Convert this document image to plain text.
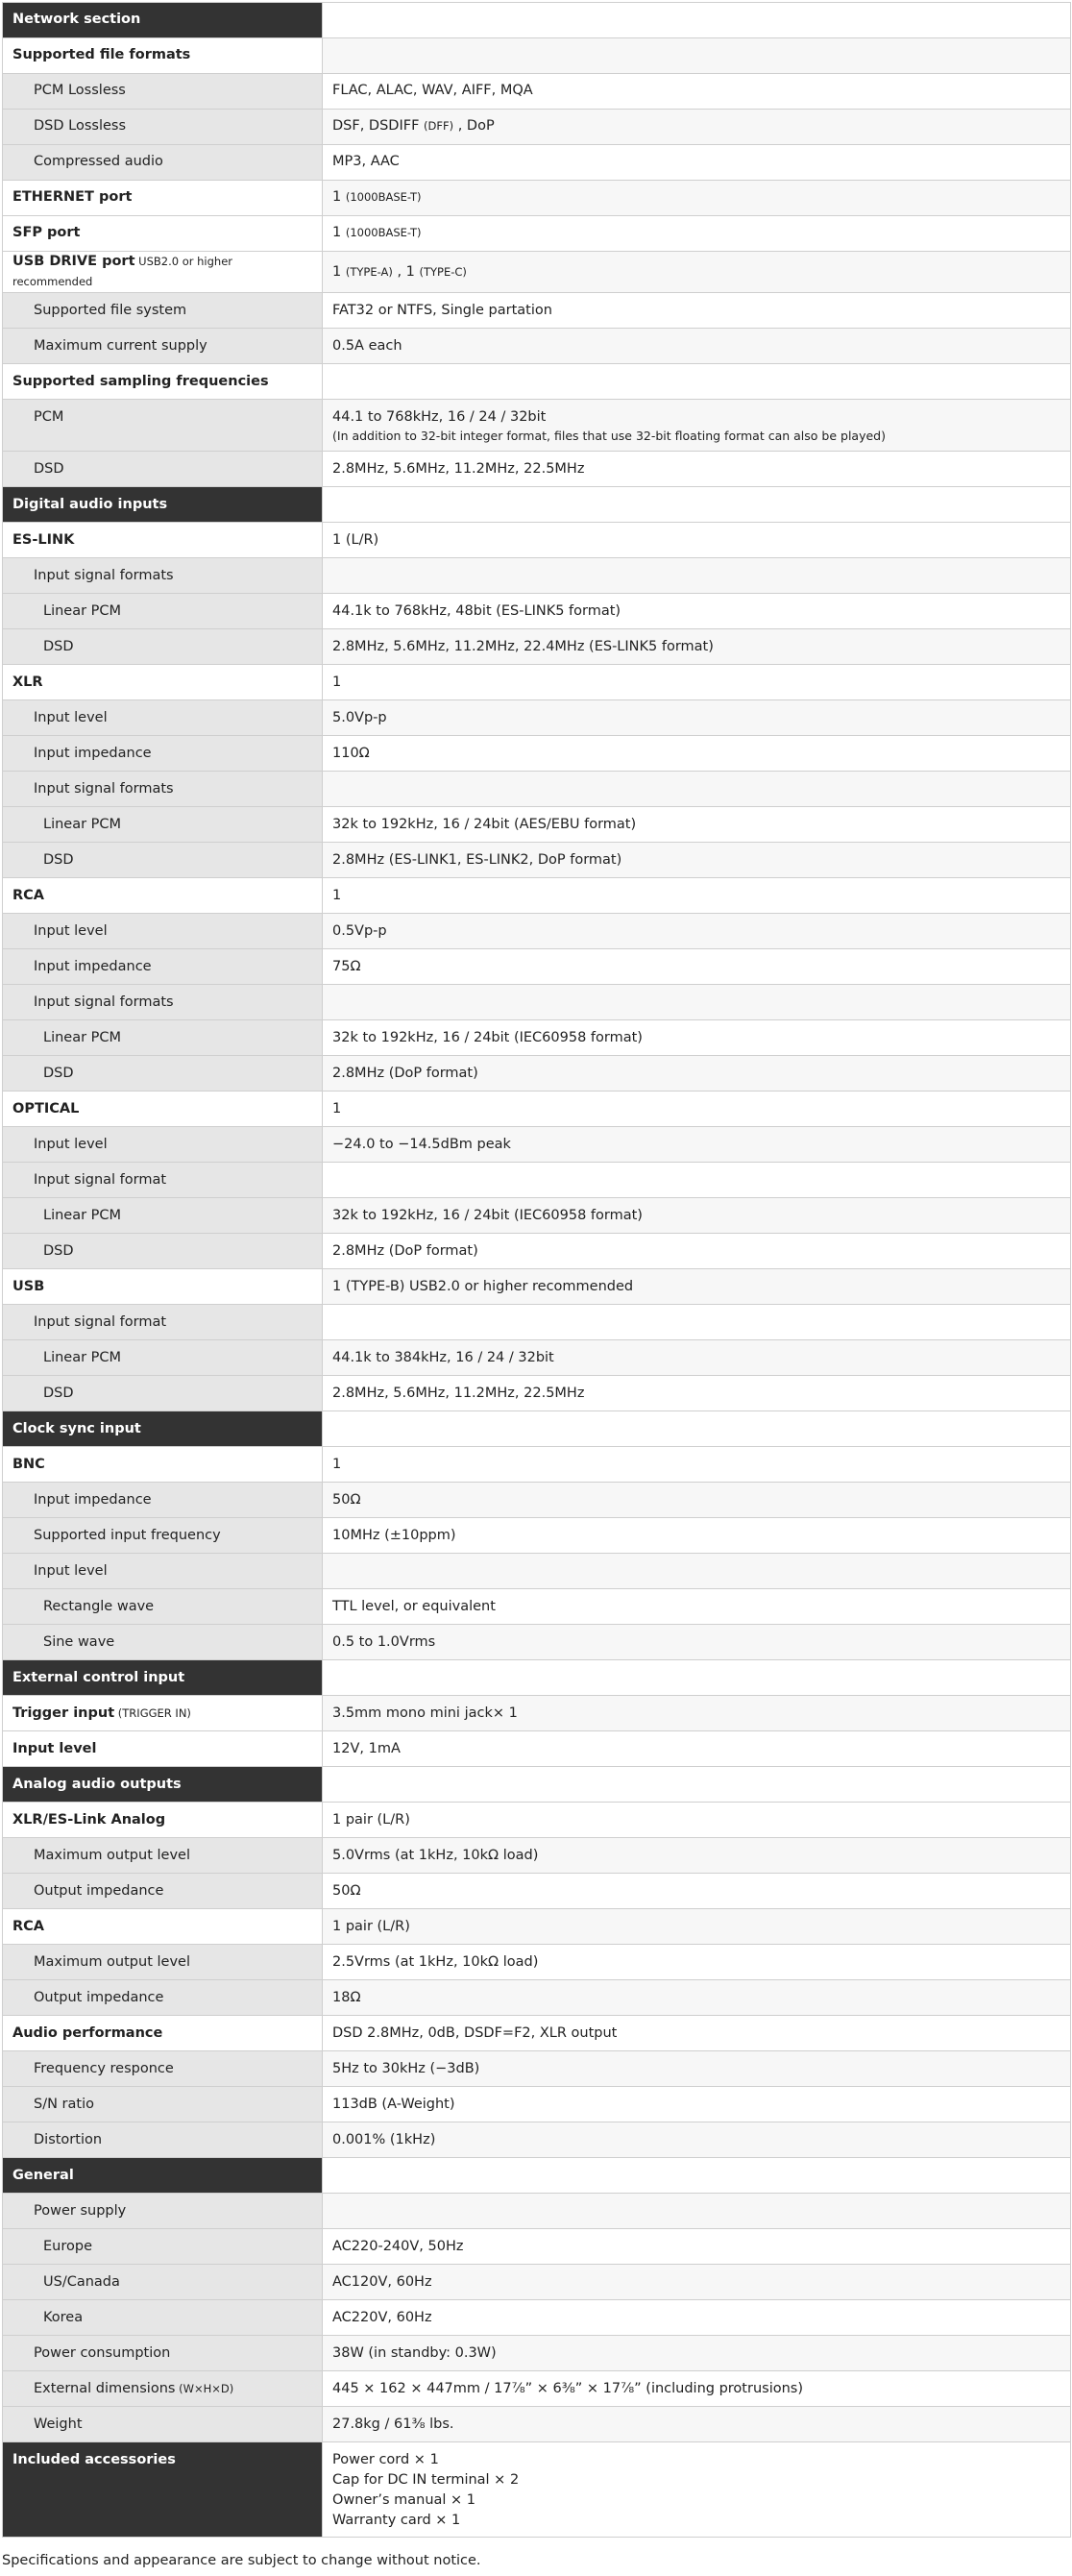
Network section	
Supported file formats	
PCM Lossless	FLAC, ALAC, WAV, AIFF, MQA
DSD Lossless	DSF, DSDIFF (DFF) , DoP
Compressed audio	MP3, AAC
ETHERNET port	1 (1000BASE-T)
SFP port	1 (1000BASE-T)
USB DRIVE port USB2.0 or higher recommended	1 (TYPE-A) , 1 (TYPE-C)
Supported file system	FAT32 or NTFS, Single partation
Maximum current supply	0.5A each
Supported sampling frequencies	
PCM	44.1 to 768kHz, 16 / 24 / 32bit
(In addition to 32-bit integer format, files that use 32-bit floating format can also be played)

DSD	2.8MHz, 5.6MHz, 11.2MHz, 22.5MHz
Digital audio inputs	
ES-LINK	1 (L/R)
Input signal formats	
Linear PCM	44.1k to 768kHz, 48bit (ES-LINK5 format)
DSD	2.8MHz, 5.6MHz, 11.2MHz, 22.4MHz (ES-LINK5 format)
XLR	1
Input level	5.0Vp-p
Input impedance	110Ω
Input signal formats	
Linear PCM	32k to 192kHz, 16 / 24bit (AES/EBU format)
DSD	2.8MHz (ES-LINK1, ES-LINK2, DoP format)
RCA	1
Input level	0.5Vp-p
Input impedance	75Ω
Input signal formats	
Linear PCM	32k to 192kHz, 16 / 24bit (IEC60958 format)
DSD	2.8MHz (DoP format)
OPTICAL	1
Input level	−24.0 to −14.5dBm peak
Input signal format	
Linear PCM	32k to 192kHz, 16 / 24bit (IEC60958 format)
DSD	2.8MHz (DoP format)
USB	1 (TYPE-B) USB2.0 or higher recommended
Input signal format	
Linear PCM	44.1k to 384kHz, 16 / 24 / 32bit
DSD	2.8MHz, 5.6MHz, 11.2MHz, 22.5MHz
Clock sync input	
BNC	1
Input impedance	50Ω
Supported input frequency	10MHz (±10ppm)
Input level	
Rectangle wave	TTL level, or equivalent
Sine wave	0.5 to 1.0Vrms
External control input	
Trigger input (TRIGGER IN)	3.5mm mono mini jack× 1
Input level	12V, 1mA
Analog audio outputs	
XLR/ES-Link Analog	1 pair (L/R)
Maximum output level	5.0Vrms (at 1kHz, 10kΩ load)
Output impedance	50Ω
RCA	1 pair (L/R)
Maximum output level	2.5Vrms (at 1kHz, 10kΩ load)
Output impedance	18Ω
Audio performance	DSD 2.8MHz, 0dB, DSDF=F2, XLR output
Frequency responce	5Hz to 30kHz (−3dB)
S/N ratio	113dB (A-Weight)
Distortion	0.001% (1kHz)
General	
Power supply	
Europe	AC220-240V, 50Hz
US/Canada	AC120V, 60Hz
Korea	AC220V, 60Hz
Power consumption	38W (in standby: 0.3W)
External dimensions (W×H×D)	445 × 162 × 447mm / 17⅞” × 6⅜” × 17⅞” (including protrusions)
Weight	27.8kg / 61⅜ lbs.
Included accessories	Power cord × 1
Cap for DC IN terminal × 2
Owner’s manual × 1
Warranty card × 1
Specifications and appearance are subject to change without notice.
